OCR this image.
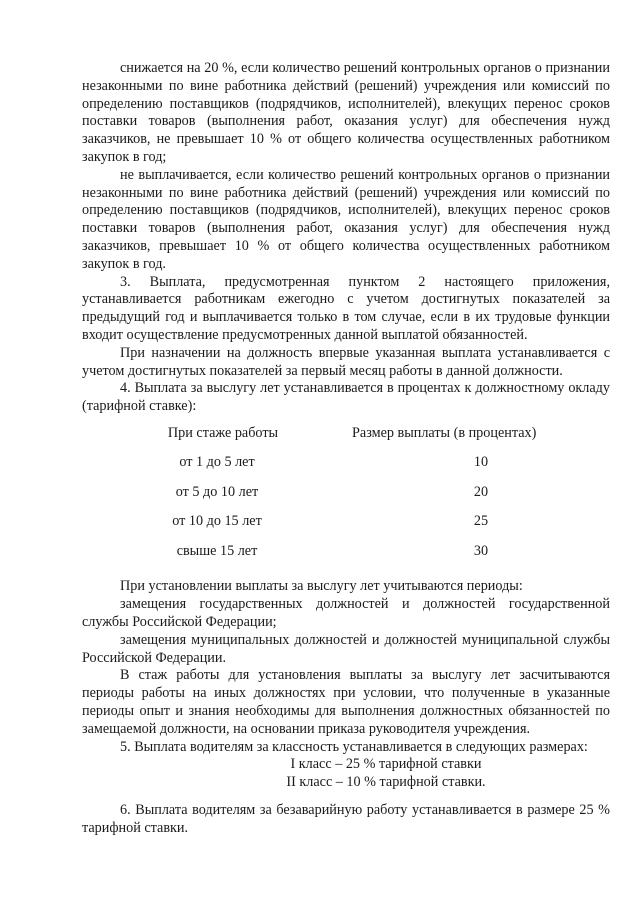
снижается на 20 %, если количество решений контрольных органов о признании незаконными по вине работника действий (решений) учреждения или комиссий по определению поставщиков (подрядчиков, исполнителей), влекущих перенос сроков поставки товаров (выполнения работ, оказания услуг) для обеспечения нужд заказчиков, не превышает 10 % от общего количества осуществленных работником закупок в год;

не выплачивается, если количество решений контрольных органов о признании незаконными по вине работника действий (решений) учреждения или комиссий по определению поставщиков (подрядчиков, исполнителей), влекущих перенос сроков поставки товаров (выполнения работ, оказания услуг) для обеспечения нужд заказчиков, превышает 10 % от общего количества осуществленных работником закупок в год.

3. Выплата, предусмотренная пунктом 2 настоящего приложения, устанавливается работникам ежегодно с учетом достигнутых показателей за предыдущий год и выплачивается только в том случае, если в их трудовые функции входит осуществление предусмотренных данной выплатой обязанностей.

При назначении на должность впервые указанная выплата устанавливается с учетом достигнутых показателей за первый месяц работы в данной должности.

4. Выплата за выслугу лет устанавливается в процентах к должностному окладу (тарифной ставке):

При стаже работы	Размер выплаты (в процентах)
от 1 до 5 лет	10
от 5 до 10 лет	20
от 10 до 15 лет	25
свыше 15 лет	30

При установлении выплаты за выслугу лет учитываются периоды:

замещения государственных должностей и должностей государственной службы Российской Федерации;

замещения муниципальных должностей и должностей муниципальной службы Российской Федерации.

В стаж работы для установления выплаты за выслугу лет засчитываются периоды работы на иных должностях при условии, что полученные в указанные периоды опыт и знания необходимы для выполнения должностных обязанностей по замещаемой должности, на основании приказа руководителя учреждения.

5. Выплата водителям за классность устанавливается в следующих размерах:

I класс – 25 % тарифной ставки

II класс – 10 % тарифной ставки.

6. Выплата водителям за безаварийную работу устанавливается в размере 25 % тарифной ставки.
